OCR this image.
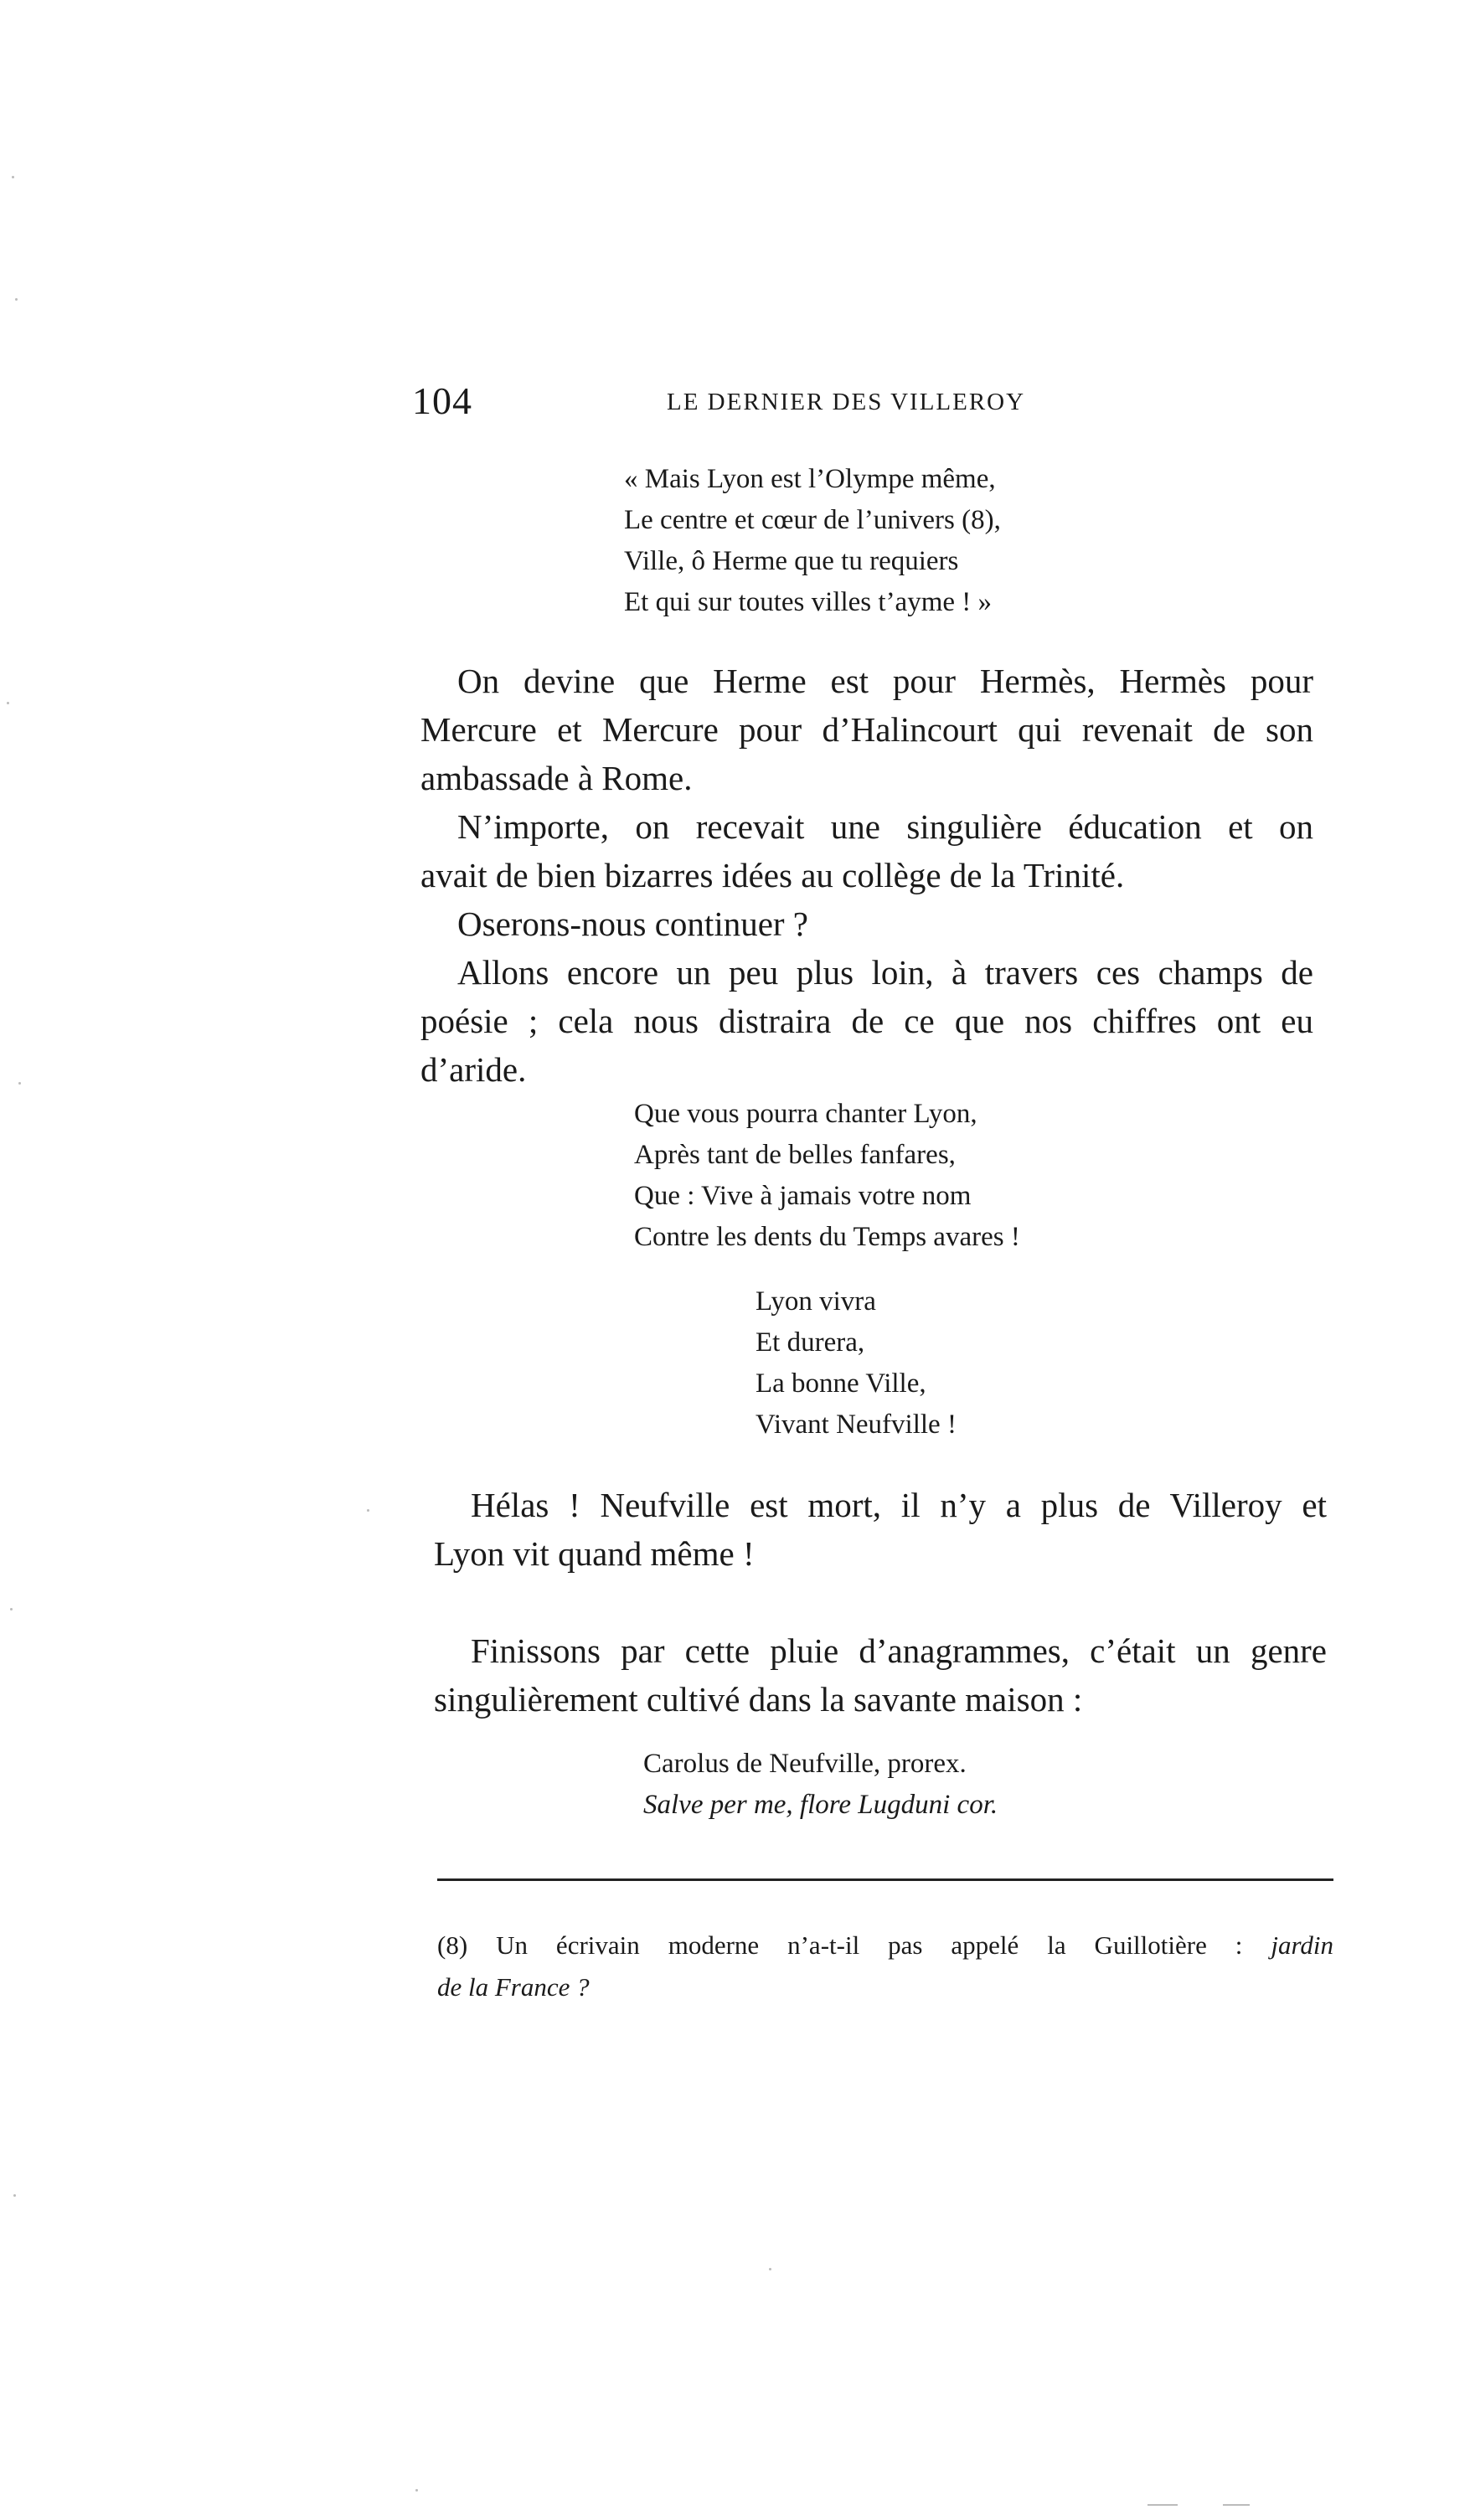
104	LE DERNIER DES VILLEROY
« Mais Lyon est l’Olympe même,
Le centre et cœur de l’univers (8),
Ville, ô Herme que tu requiers
Et qui sur toutes villes t’ayme ! »
On devine que Herme est pour Hermès, Hermès pour
Mercure et Mercure pour d’Halincourt qui revenait de son
ambassade à Rome.
N’importe, on recevait une singulière éducation et on
avait de bien bizarres idées au collège de la Trinité.
Oserons-nous continuer ?
Allons encore un peu plus loin, à travers ces champs de
poésie ; cela nous distraira de ce que nos chiffres ont eu
d’aride.
Que vous pourra chanter Lyon,
Après tant de belles fanfares,
Que : Vive à jamais votre nom
Contre les dents du Temps avares !
Lyon vivra
Et durera,
La bonne Ville,
Vivant Neufville !
Hélas ! Neufville est mort, il n’y a plus de Villeroy et
Lyon vit quand même !
Finissons par cette pluie d’anagrammes, c’était un genre
singulièrement cultivé dans la savante maison :
Carolus de Neufville, prorex.
Salve per me, flore Lugduni cor.
(8) Un écrivain moderne n’a-t-il pas appelé la Guillotière : jardin
de la France ?
